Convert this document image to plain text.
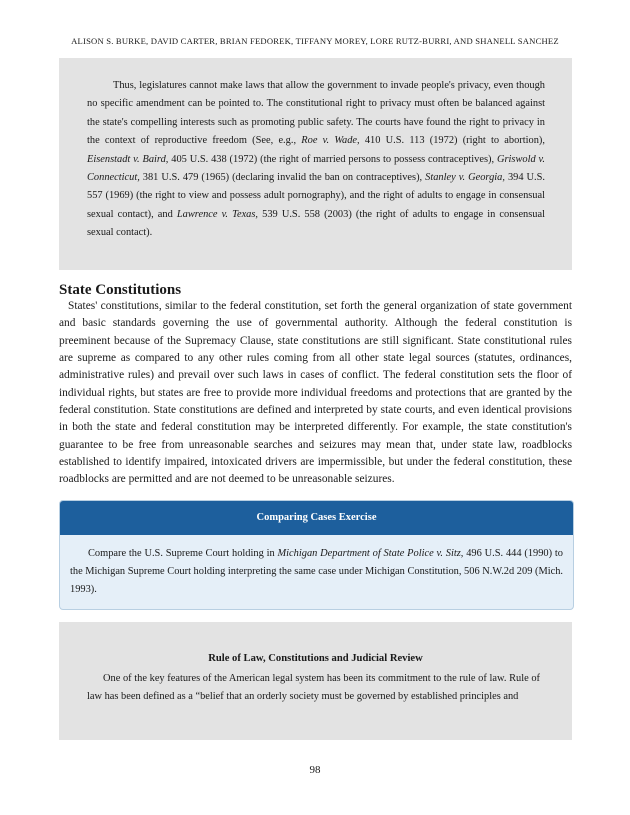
ALISON S. BURKE, DAVID CARTER, BRIAN FEDOREK, TIFFANY MOREY, LORE RUTZ-BURRI, AND SHANELL SANCHEZ

Thus, legislatures cannot make laws that allow the government to invade people's privacy, even though no specific amendment can be pointed to. The constitutional right to privacy must often be balanced against the state's compelling interests such as promoting public safety. The courts have found the right to privacy in the context of reproductive freedom (See, e.g., Roe v. Wade, 410 U.S. 113 (1972) (right to abortion), Eisenstadt v. Baird, 405 U.S. 438 (1972) (the right of married persons to possess contraceptives), Griswold v. Connecticut, 381 U.S. 479 (1965) (declaring invalid the ban on contraceptives), Stanley v. Georgia, 394 U.S. 557 (1969) (the right to view and possess adult pornography), and the right of adults to engage in consensual sexual contact), and Lawrence v. Texas, 539 U.S. 558 (2003) (the right of adults to engage in consensual sexual contact).

State Constitutions

States' constitutions, similar to the federal constitution, set forth the general organization of state government and basic standards governing the use of governmental authority. Although the federal constitution is preeminent because of the Supremacy Clause, state constitutions are still significant. State constitutional rules are supreme as compared to any other rules coming from all other state legal sources (statutes, ordinances, administrative rules) and prevail over such laws in cases of conflict. The federal constitution sets the floor of individual rights, but states are free to provide more individual freedoms and protections that are granted by the federal constitution. State constitutions are defined and interpreted by state courts, and even identical provisions in both the state and federal constitution may be interpreted differently. For example, the state constitution's guarantee to be free from unreasonable searches and seizures may mean that, under state law, roadblocks established to identify impaired, intoxicated drivers are impermissible, but under the federal constitution, these roadblocks are permitted and are not deemed to be unreasonable seizures.

Comparing Cases Exercise

Compare the U.S. Supreme Court holding in Michigan Department of State Police v. Sitz, 496 U.S. 444 (1990) to the Michigan Supreme Court holding interpreting the same case under Michigan Constitution, 506 N.W.2d 209 (Mich. 1993).

Rule of Law, Constitutions and Judicial Review

One of the key features of the American legal system has been its commitment to the rule of law. Rule of law has been defined as a “belief that an orderly society must be governed by established principles and

98
